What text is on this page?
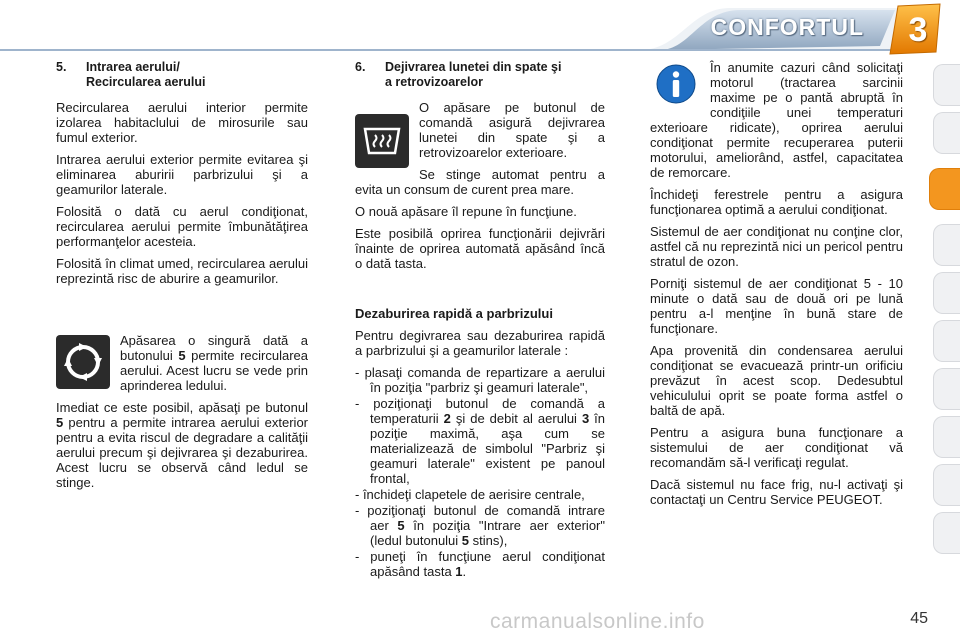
CONFORTUL	3
5.	Intrarea aerului/
Recircularea aerului

Recircularea aerului interior permite izolarea habitaclului de mirosurile sau fumul exterior.

Intrarea aerului exterior permite evitarea şi eliminarea aburirii parbrizului şi a geamurilor laterale.

Folosită o dată cu aerul condiţionat, recircularea aerului permite îmbunătăţirea performanţelor acesteia.

Folosită în climat umed, recircularea aerului reprezintă risc de aburire a geamurilor.

Apăsarea o singură dată a butonului 5 permite recircularea aerului. Acest lucru se vede prin aprinderea ledului.

Imediat ce este posibil, apăsaţi pe butonul 5 pentru a permite intrarea aerului exterior pentru a evita riscul de degradare a calităţii aerului precum şi dejivrarea şi dezaburirea. Acest lucru se observă când ledul se stinge.

6.	Dejivrarea lunetei din spate şi
a retrovizoarelor

O apăsare pe butonul de comandă asigură dejivrarea lunetei din spate şi a retrovizoarelor exterioare.

Se stinge automat pentru a evita un consum de curent prea mare.

O nouă apăsare îl repune în funcţiune.

Este posibilă oprirea funcţionării dejivrări înainte de oprirea automată apăsând încă o dată tasta.

Dezaburirea rapidă a parbrizului

Pentru degivrarea sau dezaburirea rapidă a parbrizului şi a geamurilor laterale :

- plasaţi comanda de repartizare a aerului în poziţia "parbriz şi geamuri laterale",
- poziţionaţi butonul de comandă a temperaturii 2 şi de debit al aerului 3 în poziţie maximă, aşa cum se materializează de simbolul "Parbriz şi geamuri laterale" existent pe panoul frontal,
- închideţi clapetele de aerisire centrale,
- poziţionaţi butonul de comandă intrare aer 5 în poziţia "Intrare aer exterior" (ledul butonului 5 stins),
- puneţi în funcţiune aerul condiţionat apăsând tasta 1.

În anumite cazuri când solicitaţi motorul (tractarea sarcinii maxime pe o pantă abruptă în condiţiile unei temperaturi exterioare ridicate), oprirea aerului condiţionat permite recuperarea puterii motorului, ameliorând, astfel, capacitatea de remorcare.

Închideţi ferestrele pentru a asigura funcţionarea optimă a aerului condiţionat.

Sistemul de aer condiţionat nu conţine clor, astfel că nu reprezintă nici un pericol pentru stratul de ozon.

Porniţi sistemul de aer condiţionat 5 - 10 minute o dată sau de două ori pe lună pentru a-l menţine în bună stare de funcţionare.

Apa provenită din condensarea aerului condiţionat se evacuează printr-un orificiu prevăzut în acest scop. Dedesubtul vehiculului oprit se poate forma astfel o baltă de apă.

Pentru a asigura buna funcţionare a sistemului de aer condiţionat vă recomandăm să-l verificaţi regulat.

Dacă sistemul nu face frig, nu-l activaţi şi contactaţi un Centru Service PEUGEOT.

carmanualsonline.info	45
